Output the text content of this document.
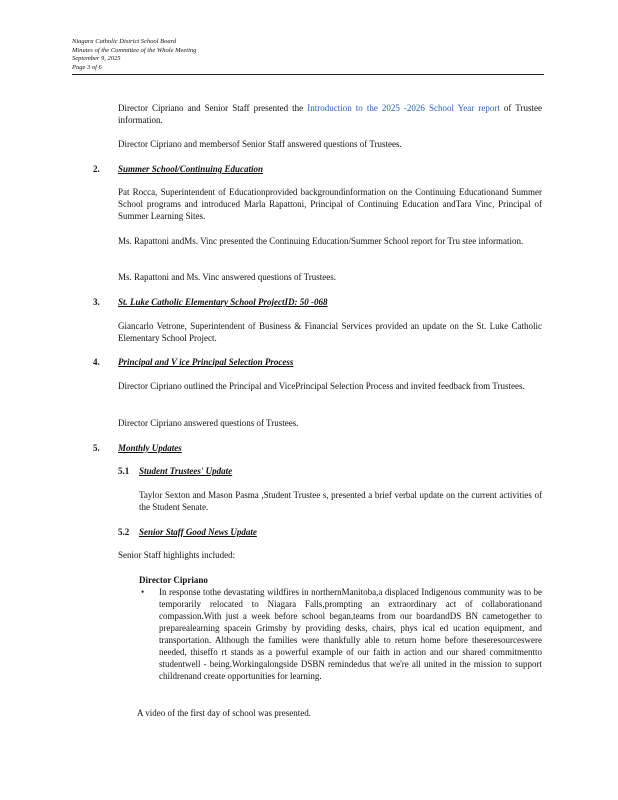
Niagara Catholic District School Board
Minutes of the Committee of the Whole Meeting
September 9, 2025
Page 3 of 6
Director Cipriano and Senior Staff presented the Introduction to the 2025 -2026 School Year report of Trustee information.
Director Cipriano and membersof Senior Staff answered questions of Trustees.
2. Summer School/Continuing Education
Pat Rocca, Superintendent of Educationprovided backgroundinformation on the Continuing Educationand Summer School programs and introduced Marla Rapattoni, Principal of Continuing Education andTara Vinc, Principal of Summer Learning Sites.
Ms. Rapattoni andMs. Vinc presented the Continuing Education/Summer School report for Tru stee information.
Ms. Rapattoni and Ms. Vinc answered questions of Trustees.
3. St. Luke Catholic Elementary School ProjectID: 50 -068
Giancarlo Vetrone, Superintendent of Business & Financial Services provided an update on the St. Luke Catholic Elementary School Project.
4. Principal and V ice Principal Selection Process
Director Cipriano outlined the Principal and VicePrincipal Selection Process and invited feedback from Trustees.
Director Cipriano answered questions of Trustees.
5. Monthly Updates
5.1 Student Trustees' Update
Taylor Sexton and Mason Pasma ,Student Trustee s, presented a brief verbal update on the current activities of the Student Senate.
5.2 Senior Staff Good News Update
Senior Staff highlights included:
Director Cipriano
• In response tothe devastating wildfires in northernManitoba,a displaced Indigenous community was to be temporarily relocated to Niagara Falls,prompting an extraordinary act of collaborationand compassion.With just a week before school began,teams from our boardandDS BN cametogether to preparealearning spacein Grimsby by providing desks, chairs, phys ical ed ucation equipment, and transportation. Although the families were thankfully able to return home before theseresourceswere needed, thiseffo rt stands as a powerful example of our faith in action and our shared commitmentto studentwell - being.Workingalongside DSBN remindedus that we're all united in the mission to support childrenand create opportunities for learning.
A video of the first day of school was presented.
